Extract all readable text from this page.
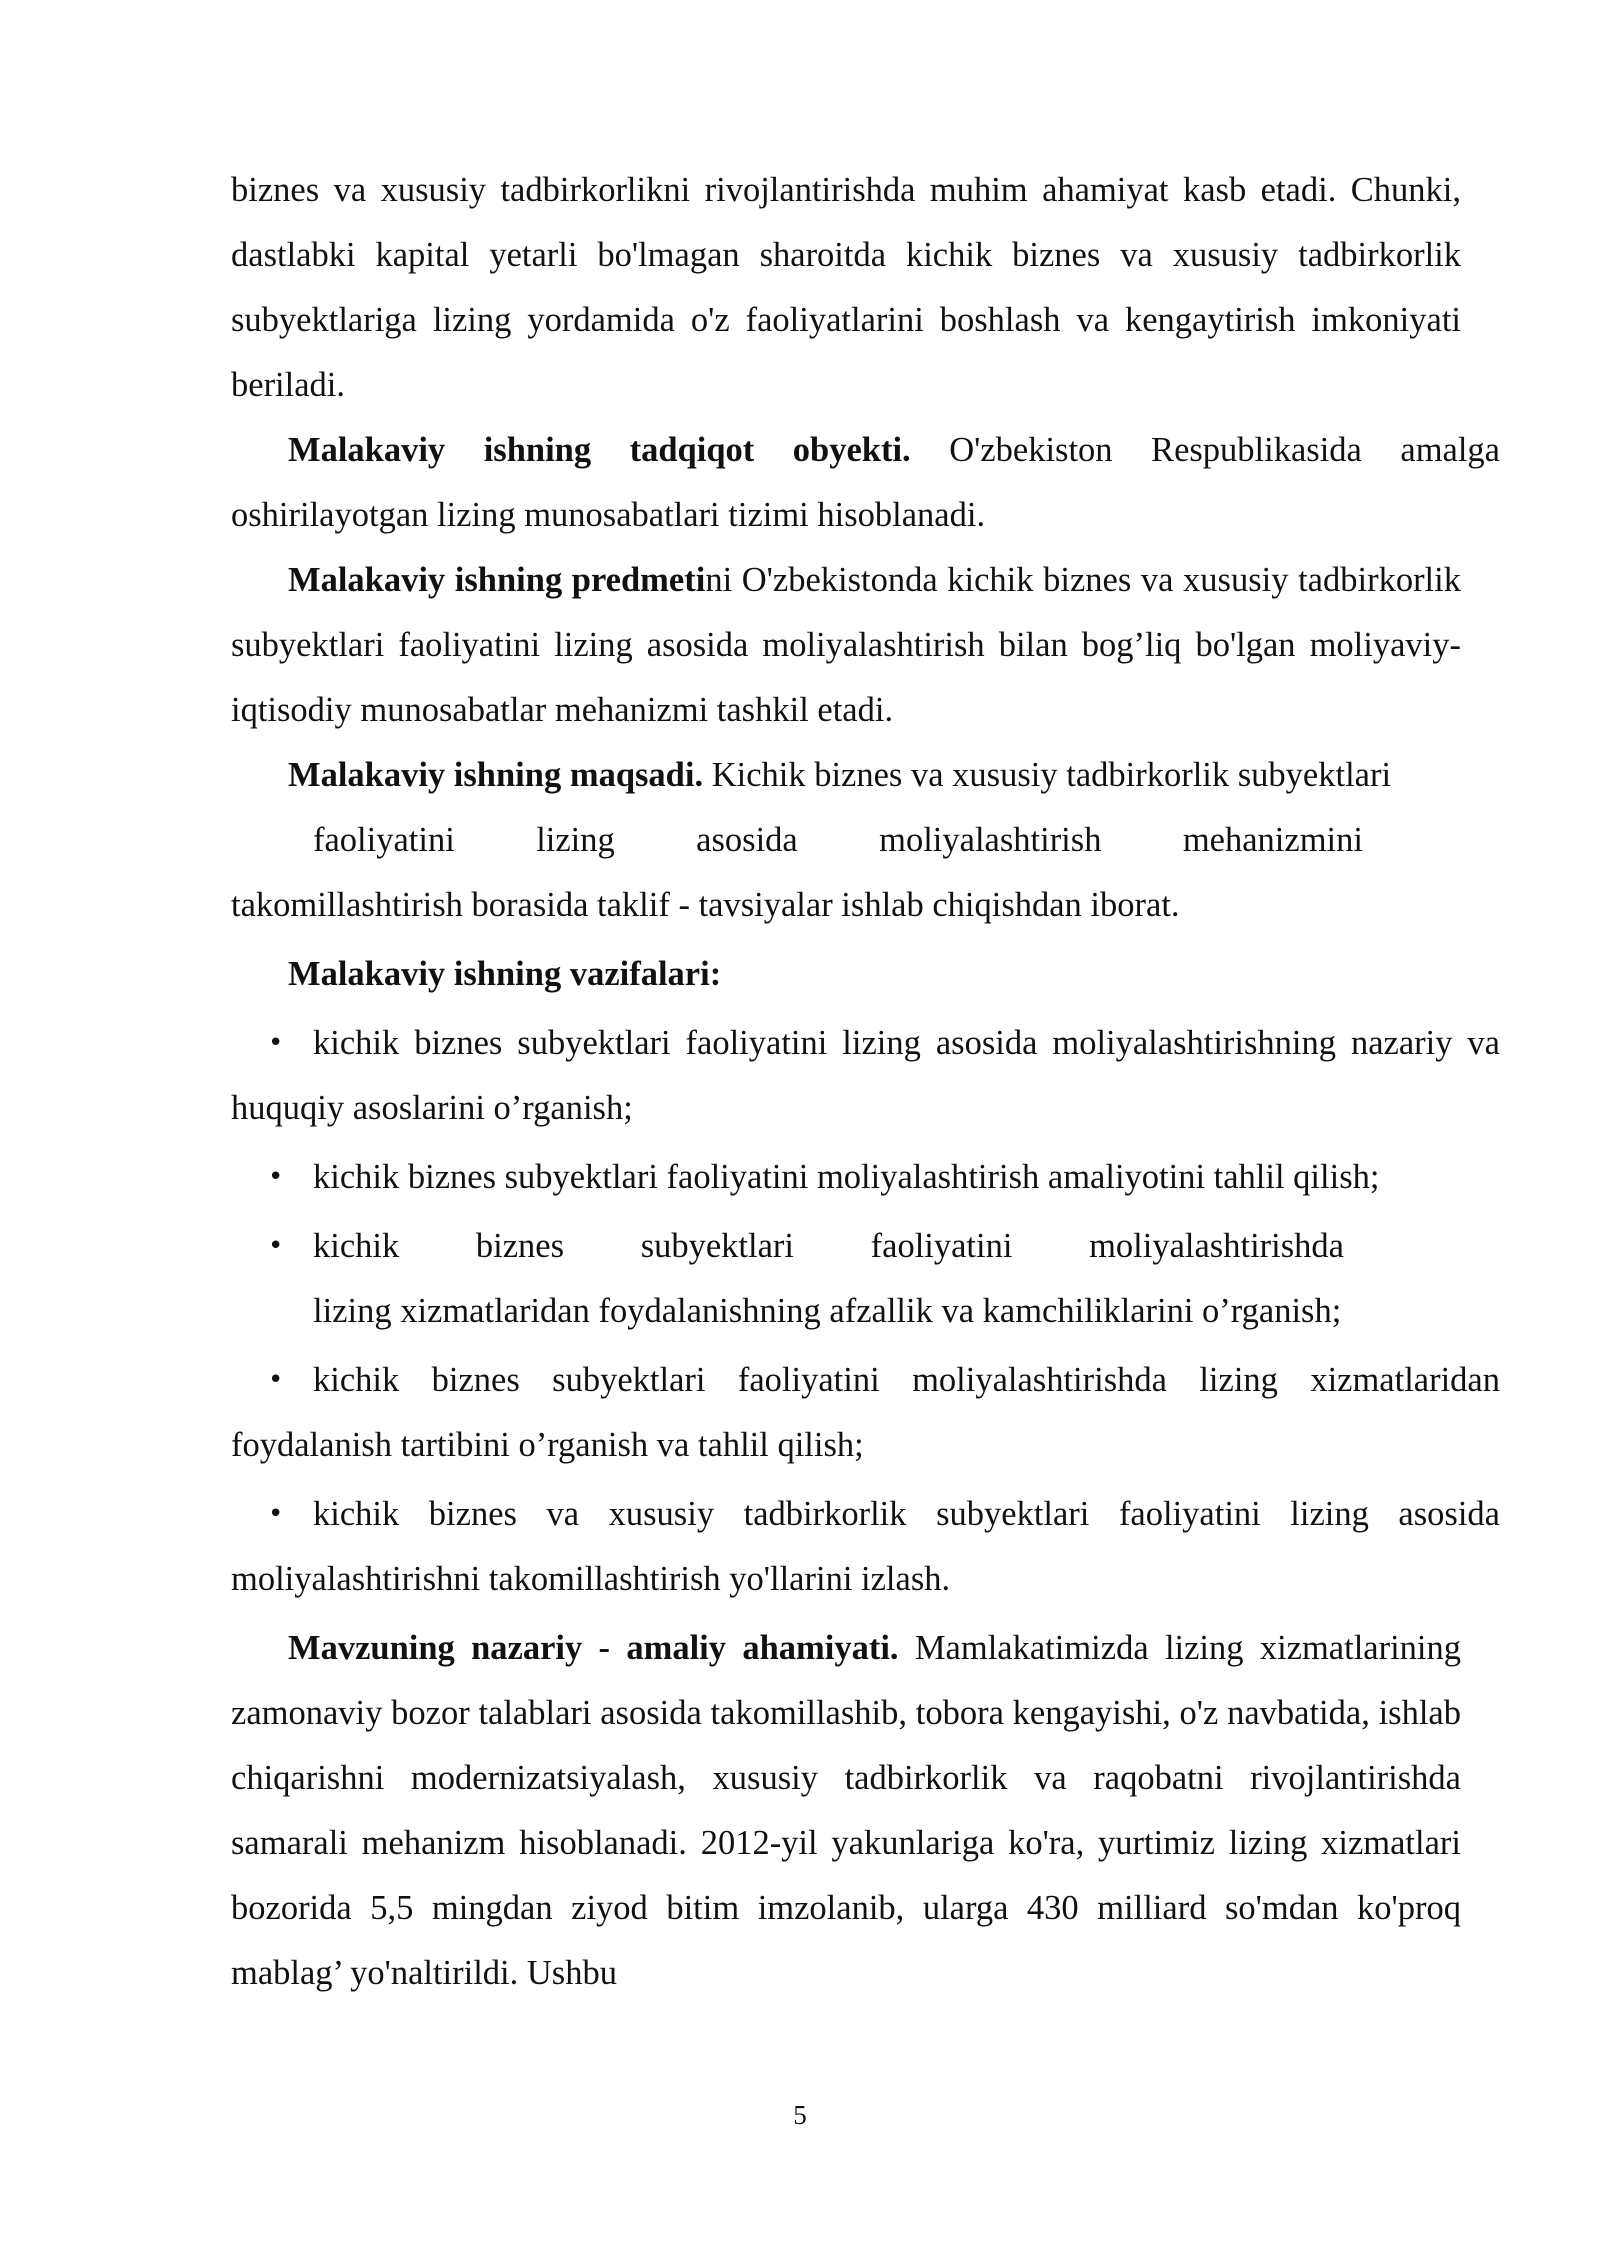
biznes va xususiy tadbirkorlikni rivojlantirishda muhim ahamiyat kasb etadi. Chunki, dastlabki kapital yetarli bo'lmagan sharoitda kichik biznes va xususiy tadbirkorlik subyektlariga lizing yordamida o'z faoliyatlarini boshlash va kengaytirish imkoniyati beriladi.

Malakaviy ishning tadqiqot obyekti. O'zbekiston Respublikasida amalga oshirilayotgan lizing munosabatlari tizimi hisoblanadi.

Malakaviy ishning predmetini O'zbekistonda kichik biznes va xususiy tadbirkorlik subyektlari faoliyatini lizing asosida moliyalashtirish bilan bog’liq bo'lgan moliyaviy-iqtisodiy munosabatlar mehanizmi tashkil etadi.

Malakaviy ishning maqsadi. Kichik biznes va xususiy tadbirkorlik subyektlari

faoliyatini lizing asosida moliyalashtirish mehanizmini

takomillashtirish borasida taklif - tavsiyalar ishlab chiqishdan iborat.

Malakaviy ishning vazifalari:

• kichik biznes subyektlari faoliyatini lizing asosida moliyalashtirishning nazariy va huquqiy asoslarini o’rganish;

• kichik biznes subyektlari faoliyatini moliyalashtirish amaliyotini tahlil qilish;

• kichik biznes subyektlari faoliyatini moliyalashtirishda
lizing xizmatlaridan foydalanishning afzallik va kamchiliklarini o’rganish;

• kichik biznes subyektlari faoliyatini moliyalashtirishda lizing xizmatlaridan foydalanish tartibini o’rganish va tahlil qilish;

• kichik biznes va xususiy tadbirkorlik subyektlari faoliyatini lizing asosida moliyalashtirishni takomillashtirish yo'llarini izlash.

Mavzuning nazariy - amaliy ahamiyati. Mamlakatimizda lizing xizmatlarining zamonaviy bozor talablari asosida takomillashib, tobora kengayishi, o'z navbatida, ishlab chiqarishni modernizatsiyalash, xususiy tadbirkorlik va raqobatni rivojlantirishda samarali mehanizm hisoblanadi. 2012-yil yakunlariga ko'ra, yurtimiz lizing xizmatlari bozorida 5,5 mingdan ziyod bitim imzolanib, ularga 430 milliard so'mdan ko'proq mablag’ yo'naltirildi. Ushbu

5
